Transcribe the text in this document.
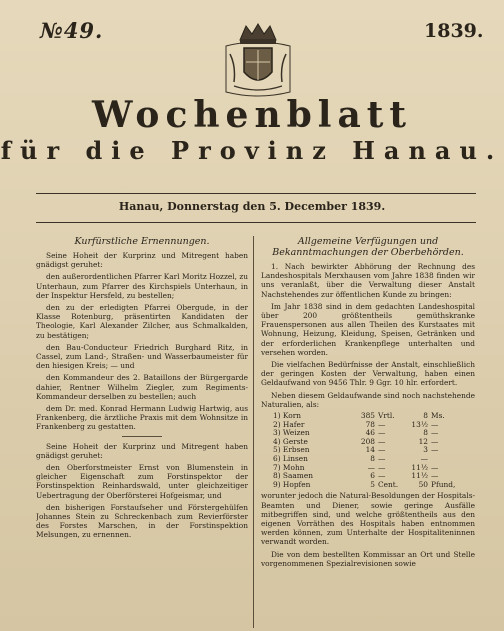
№49.	1839.
Wochenblatt
für die Provinz Hanau.
Hanau, Donnerstag den 5. December 1839.
Kurfürstliche Ernennungen.

Seine Hoheit der Kurprinz und Mitregent haben gnädigst geruhet:

den außerordentlichen Pfarrer Karl Moritz Hozzel, zu Unterhaun, zum Pfarrer des Kirchspiels Unterhaun, in der Inspektur Hersfeld, zu bestellen;

den zu der erledigten Pfarrei Obergude, in der Klasse Rotenburg, präsentirten Kandidaten der Theologie, Karl Alexander Zilcher, aus Schmalkalden, zu bestätigen;

den Bau-Conducteur Friedrich Burghard Ritz, in Cassel, zum Land-, Straßen- und Wasserbaumeister für den hiesigen Kreis; — und

den Kommandeur des 2. Bataillons der Bürgergarde dahier, Rentner Wilhelm Ziegler, zum Regiments-Kommandeur derselben zu bestellen; auch

dem Dr. med. Konrad Hermann Ludwig Hartwig, aus Frankenberg, die ärztliche Praxis mit dem Wohnsitze in Frankenberg zu gestatten.

Seine Hoheit der Kurprinz und Mitregent haben gnädigst geruhet:

den Oberforstmeister Ernst von Blumenstein in gleicher Eigenschaft zum Forstinspektor der Forstinspektion Reinhardswald, unter gleichzeitiger Uebertragung der Oberförsterei Hofgeismar, und

den bisherigen Forstaufseher und Förstergehülfen Johannes Stein zu Schreckenbach zum Revierförster des Forstes Marschen, in der Forstinspektion Melsungen, zu ernennen.

Allgemeine Verfügungen und Bekanntmachungen der Oberbehörden.

1. Nach bewirkter Abhörung der Rechnung des Landeshospitals Merxhausen vom Jahre 1838 finden wir uns veranlaßt, über die Verwaltung dieser Anstalt Nachstehendes zur öffentlichen Kunde zu bringen:

Im Jahr 1838 sind in dem gedachten Landeshospital über 200 größtentheils gemüthskranke Frauenspersonen aus allen Theilen des Kurstaates mit Wohnung, Heizung, Kleidung, Speisen, Getränken und der erforderlichen Krankenpflege unterhalten und versehen worden.

Die vielfachen Bedürfnisse der Anstalt, einschließlich der geringen Kosten der Verwaltung, haben einen Geldaufwand von 9456 Thlr. 9 Ggr. 10 hlr. erfordert.

Neben diesem Geldaufwande sind noch nachstehende Naturalien, als:

1) Korn	385 Vrtl.	8 Ms.
2) Hafer	78 —	13½ —
3) Weizen	46 —	8 —
4) Gerste	208 —	12 —
5) Erbsen	14 —	3 —
6) Linsen	8 —	—
7) Mohn	— —	11½ —
8) Saamen	6 —	11½ —
9) Hopfen	5 Cent.	50 Pfund,

worunter jedoch die Natural-Besoldungen der Hospitals-Beamten und Diener, sowie geringe Ausfälle mitbegriffen sind, und welche größtentheils aus den eigenen Vorräthen des Hospitals haben entnommen werden können, zum Unterhalte der Hospitaliteninnen verwandt worden.

Die von dem bestellten Kommissar an Ort und Stelle vorgenommenen Spezialrevisionen sowie
